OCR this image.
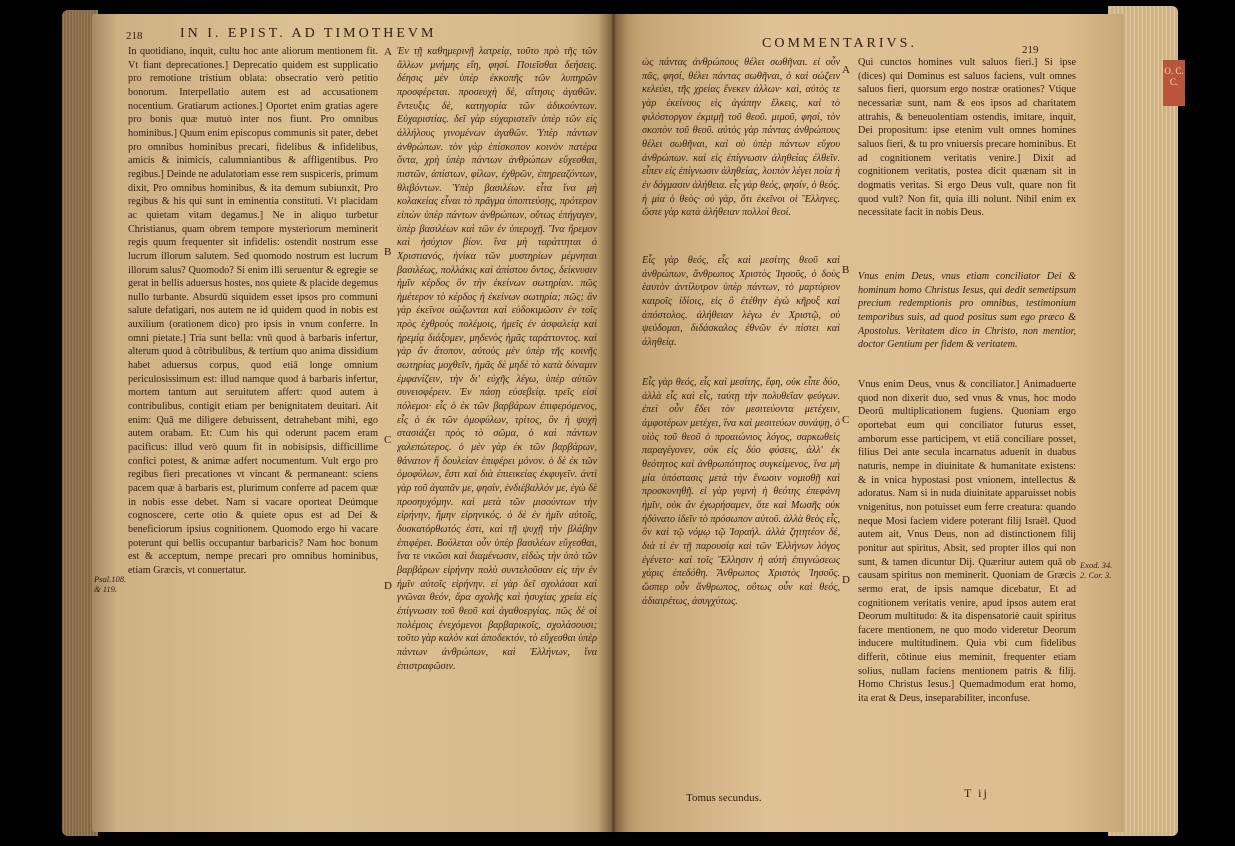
O. C. C.
218	IN I. EPIST. AD TIMOTHEVM
In quotidiano, inquit, cultu hoc ante aliorum mentionem fit. Vt fiant deprecationes.] Deprecatio quidem est supplicatio pro remotione tristium oblata: obsecratio verò petitio bonorum. Interpellatio autem est ad accusationem nocentium. Gratiarum actiones.] Oportet enim gratias agere pro bonis quæ mutuò inter nos fiunt. Pro omnibus hominibus.] Quum enim episcopus communis sit pater, debet pro omnibus hominibus precari, fidelibus & infidelibus, amicis & inimicis, calumniantibus & affligentibus. Pro regibus.] Deinde ne adulatoriam esse rem suspiceris, primum dixit, Pro omnibus hominibus, & ita demum subiunxit, Pro regibus & his qui sunt in eminentia constituti. Vt placidam ac quietam vitam degamus.] Ne in aliquo turbetur Christianus, quam obrem tempore mysteriorum meminerit regis quum frequenter sit infidelis: ostendit nostrum esse lucrum illorum salutem. Sed quomodo nostrum est lucrum illorum salus? Quomodo? Si enim illi seruentur & egregie se gerat in bellis aduersus hostes, nos quiete & placide degemus nullo turbante. Absurdū siquidem esset ipsos pro communi salute defatigari, nos autem ne id quidem quod in nobis est auxilium (orationem dico) pro ipsis in vnum conferre. In omni pietate.] Tria sunt bella: vnū quod à barbaris infertur, alterum quod à cōtribulibus, & tertium quo anima dissidium habet aduersus corpus, quod etiā longe omnium periculosissimum est: illud namque quod à barbaris infertur, mortem tantum aut seruitutem affert: quod autem à contribulibus, contigit etiam per benignitatem deuitari. Ait enim: Quâ me diligere debuissent, detrahebant mihi, ego autem orabam. Et: Cum his qui oderunt pacem eram pacificus: illud verò quum fit in nobisipsis, difficillime confici potest, & animæ adfert nocumentum. Vult ergo pro regibus fieri precationes vt vincant & permaneant: sciens pacem quæ à barbaris est, plurimum conferre ad pacem quæ in nobis esse debet. Nam si vacare oporteat Deúmque cognoscere, certe otio & quiete opus est ad Dei & beneficiorum ipsius cognitionem. Quomodo ergo hi vacare poterunt qui bellis occupantur barbaricis? Nam hoc bonum est & acceptum, nempe precari pro omnibus hominibus, etiam Græcis, vt conuertatur.
A
B
C
D
Ἐν τῇ καθημερινῇ λατρείᾳ, τοῦτο πρὸ τῆς τῶν ἄλλων μνήμης εἴη, φησί. Ποιεῖσθαι δεήσεις. δέησις μὲν ὑπὲρ ἐκκοπῆς τῶν λυπηρῶν προσφέρεται. προσευχὴ δὲ, αἴτησις ἀγαθῶν. ἔντευξις δὲ, κατηγορία τῶν ἀδικούντων. Εὐχαριστίας. δεῖ γὰρ εὐχαριστεῖν ὑπὲρ τῶν εἰς ἀλλήλους γινομένων ἀγαθῶν. Ὑπὲρ πάντων ἀνθρώπων. τὸν γὰρ ἐπίσκοπον κοινὸν πατέρα ὄντα, χρὴ ὑπὲρ πάντων ἀνθρώπων εὔχεσθαι, πιστῶν, ἀπίστων, φίλων, ἐχθρῶν, ἐπηρεαζόντων, θλιβόντων. Ὑπὲρ βασιλέων. εἶτα ἵνα μὴ κολακείας εἶναι τὸ πρᾶγμα ὑποπτεύσῃς, πρότερον εἰπὼν ὑπὲρ πάντων ἀνθρώπων, οὕτως ἐπήγαγεν, ὑπὲρ βασιλέων καὶ τῶν ἐν ὑπεροχῇ. Ἵνα ἤρεμον καὶ ἡσύχιον βίον. ἵνα μὴ ταράττηται ὁ Χριστιανός, ἡνίκα τῶν μυστηρίων μέμνηται βασιλέως, πολλάκις καὶ ἀπίστου ὄντος, δείκνυσιν ἡμῖν κέρδος ὂν τὴν ἐκείνων σωτηρίαν. πῶς ἡμέτερον τὸ κέρδος ἡ ἐκείνων σωτηρία; πῶς; ἂν γὰρ ἐκεῖνοι σώζωνται καὶ εὐδοκιμῶσιν ἐν τοῖς πρὸς ἐχθροὺς πολέμοις, ἡμεῖς ἐν ἀσφαλείᾳ καὶ ἠρεμίᾳ διάξομεν, μηδενὸς ἡμᾶς ταράττοντος. καὶ γὰρ ἂν ἄτοπον, αὐτοὺς μὲν ὑπὲρ τῆς κοινῆς σωτηρίας μοχθεῖν, ἡμᾶς δὲ μηδὲ τὸ κατὰ δύναμιν ἐμφανίζειν, τὴν δι' εὐχῆς λέγω, ὑπὲρ αὐτῶν συνεισφέρειν. Ἐν πάσῃ εὐσεβείᾳ. τρεῖς εἰσὶ πόλεμοι· εἷς ὁ ἐκ τῶν βαρβάρων ἐπιφερόμενος, εἷς ὁ ἐκ τῶν ὁμοφύλων, τρίτος, ὃν ἡ ψυχὴ στασιάζει πρὸς τὸ σῶμα, ὁ καὶ πάντων χαλεπώτερος. ὁ μὲν γὰρ ἐκ τῶν βαρβάρων, θάνατον ἢ δουλείαν ἐπιφέρει μόνον. ὁ δὲ ἐκ τῶν ὁμοφύλων, ἔστι καὶ διὰ ἐπιεικείας ἐκφυγεῖν. ἀντὶ γὰρ τοῦ ἀγαπᾶν με, φησίν, ἐνδιέβαλλόν με, ἐγὼ δὲ προσηυχόμην. καὶ μετὰ τῶν μισούντων τὴν εἰρήνην, ἤμην εἰρηνικός. ὁ δὲ ἐν ἡμῖν αὐτοῖς, δυσκατόρθωτός ἐστι, καὶ τῇ ψυχῇ τὴν βλάβην ἐπιφέρει. Βούλεται οὖν ὑπὲρ βασιλέων εὔχεσθαι, ἵνα τε νικῶσι καὶ διαμένωσιν, εἰδὼς τὴν ὑπὸ τῶν βαρβάρων εἰρήνην πολὺ συντελοῦσαν εἰς τὴν ἐν ἡμῖν αὐτοῖς εἰρήνην. εἰ γὰρ δεῖ σχολάσαι καὶ γνῶναι θεόν, ἄρα σχολῆς καὶ ἡσυχίας χρεία εἰς ἐπίγνωσιν τοῦ θεοῦ καὶ ἀγαθοεργίας. πῶς δὲ οἱ πολέμοις ἐνεχόμενοι βαρβαρικοῖς, σχολάσουσι; τοῦτο γὰρ καλὸν καὶ ἀποδεκτόν, τὸ εὔχεσθαι ὑπὲρ πάντων ἀνθρώπων, καὶ Ἑλλήνων, ἵνα ἐπιστραφῶσιν.
Psal.108. & 119.
COMMENTARIVS.	219
ὡς πάντας ἀνθρώπους θέλει σωθῆναι. εἰ οὖν πᾶς, φησί, θέλει πάντας σωθῆναι, ὁ καὶ σώζειν κελεύει, τῆς χρείας ἕνεκεν ἀλλων· καὶ, αὐτὸς τε γὰρ ἐκείνους εἰς ἀγάπην ἕλκεις, καὶ τὸ φιλόστοργον ἐκμιμῇ τοῦ θεοῦ. μιμοῦ, φησί, τὸν σκοπὸν τοῦ θεοῦ. αὐτὸς γὰρ πάντας ἀνθρώπους θέλει σωθῆναι, καὶ σὺ ὑπὲρ πάντων εὔχου ἀνθρώπων. καὶ εἰς ἐπίγνωσιν ἀληθείας ἐλθεῖν. εἶπεν εἰς ἐπίγνωσιν ἀληθείας, λοιπὸν λέγει ποία ἡ ἐν δόγμασιν ἀλήθεια. εἷς γὰρ θεός, φησίν, ὁ θεός. ἡ μία ὁ θεὸς· οὐ γὰρ, ὅτι ἐκεῖνοι οἱ Ἕλληνες. ὥστε γὰρ κατὰ ἀλήθειαν πολλοὶ θεοί.
Εἷς γὰρ θεός, εἷς καὶ μεσίτης θεοῦ καὶ ἀνθρώπων, ἄνθρωπος Χριστὸς Ἰησοῦς, ὁ δοὺς ἑαυτὸν ἀντίλυτρον ὑπὲρ πάντων, τὸ μαρτύριον καιροῖς ἰδίοις, εἰς ὃ ἐτέθην ἐγὼ κῆρυξ καὶ ἀπόστολος. ἀλήθειαν λέγω ἐν Χριστῷ, οὐ ψεύδομαι, διδάσκαλος ἐθνῶν ἐν πίστει καὶ ἀληθείᾳ.
Εἷς γὰρ θεός, εἷς καὶ μεσίτης, ἔφη, οὐκ εἶπε δύο, ἀλλὰ εἷς καὶ εἷς, ταύτῃ τὴν πολυθεΐαν φεύγων. ἐπεὶ οὖν ἔδει τὸν μεσιτεύοντα μετέχειν, ἀμφοτέρων μετέχει, ἵνα καὶ μεσιτεύων συνάψῃ, ὁ υἱὸς τοῦ θεοῦ ὁ προαιώνιος λόγος, σαρκωθεὶς παραγέγονεν, οὐκ εἰς δύο φύσεις, ἀλλ' ἐκ θεότητος καὶ ἀνθρωπότητος συγκείμενος, ἵνα μὴ μία ὑπόστασις μετὰ τὴν ἕνωσιν νομισθῇ καὶ προσκυνηθῇ. εἰ γὰρ γυμνὴ ἡ θεότης ἐπεφάνη ἡμῖν, οὐκ ἂν ἐχωρήσαμεν, ὅτε καὶ Μωσῆς οὐκ ἠδύνατο ἰδεῖν τὸ πρόσωπον αὐτοῦ. ἀλλὰ θεὸς εἷς, ὃν καὶ τῷ νόμῳ τῷ Ἰσραήλ. ἀλλὰ ζητητέον δέ, διὰ τί ἐν τῇ παρουσίᾳ καὶ τῶν Ἑλλήνων λόγος ἐγένετο· καὶ τοῖς Ἕλλησιν ἡ αὐτὴ ἐπιγνώσεως χάρις ἐπεδόθη. Ἄνθρωπος Χριστὸς Ἰησοῦς. ὥσπερ οὖν ἄνθρωπος, οὕτως οὖν καὶ θεός, ἀδιαιρέτως, ἀσυγχύτως.
A
B
C
D
Qui cunctos homines vult saluos fieri.] Si ipse (dices) qui Dominus est saluos faciens, vult omnes saluos fieri, quorsum ergo nostræ orationes? Vtique necessariæ sunt, nam & eos ipsos ad charitatem attrahis, & beneuolentiam ostendis, imitare, inquit, Dei propositum: ipse etenim vult omnes homines saluos fieri, & tu pro vniuersis precare hominibus. Et ad cognitionem veritatis venire.] Dixit ad cognitionem veritatis, postea dicit quænam sit in dogmatis veritas. Si ergo Deus vult, quare non fit quod vult? Non fit, quia illi nolunt. Nihil enim ex necessitate facit in nobis Deus.
Vnus enim Deus, vnus etiam conciliator Dei & hominum homo Christus Iesus, qui dedit semetipsum precium redemptionis pro omnibus, testimonium temporibus suis, ad quod positus sum ego præco & Apostolus. Veritatem dico in Christo, non mentior, doctor Gentium per fidem & veritatem.
Vnus enim Deus, vnus & conciliator.] Animaduerte quod non dixerit duo, sed vnus & vnus, hoc modo Deorū multiplicationem fugiens. Quoniam ergo oportebat eum qui conciliator futurus esset, amborum esse participem, vt etiā conciliare posset, filius Dei ante secula incarnatus aduenit in duabus naturis, nempe in diuinitate & humanitate existens: & in vnica hypostasi post vnionem, intellectus & adoratus. Nam si in nuda diuinitate apparuisset nobis vnigenitus, non potuisset eum ferre creatura: quando neque Mosi faciem videre poterant filij Israël. Quod autem ait, Vnus Deus, non ad distinctionem filij ponitur aut spiritus, Absit, sed propter illos qui non sunt, & tamen dicuntur Dij. Quæritur autem quā ob causam spiritus non meminerit. Quoniam de Græcis sermo erat, de ipsis namque dicebatur, Et ad cognitionem veritatis venire, apud ipsos autem erat Deorum multitudo: & ita dispensatoriè cauit spiritus facere mentionem, ne quo modo videretur Deorum inducere multitudinem. Quia vbi cum fidelibus differit, cōtinue eius meminit, frequenter etiam solius, nullam faciens mentionem patris & filij. Homo Christus Iesus.] Quemadmodum erat homo, ita erat & Deus, inseparabiliter, inconfuse.
Exod. 34. 2. Cor. 3.
Tomus secundus.	T ij
